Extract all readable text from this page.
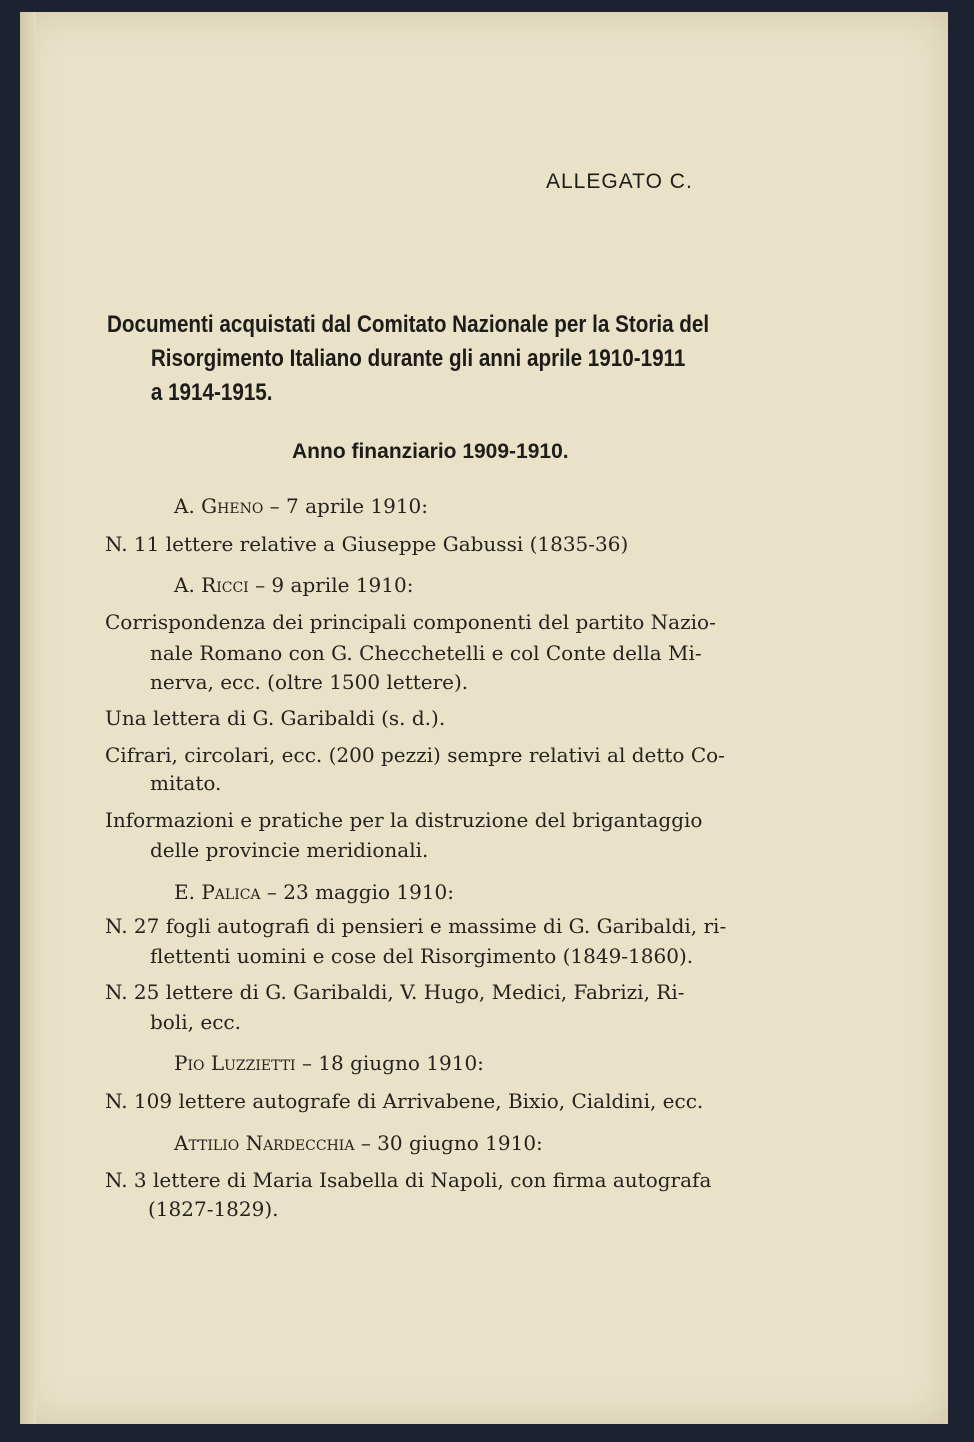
ALLEGATO C.
Documenti acquistati dal Comitato Nazionale per la Storia del
Risorgimento Italiano durante gli anni aprile 1910-1911
a 1914-1915.
Anno finanziario 1909-1910.
A. Gheno – 7 aprile 1910:
N. 11 lettere relative a Giuseppe Gabussi (1835-36)
A. Ricci – 9 aprile 1910:
Corrispondenza dei principali componenti del partito Nazio-
nale Romano con G. Checchetelli e col Conte della Mi-
nerva, ecc. (oltre 1500 lettere).
Una lettera di G. Garibaldi (s. d.).
Cifrari, circolari, ecc. (200 pezzi) sempre relativi al detto Co-
mitato.
Informazioni e pratiche per la distruzione del brigantaggio
delle provincie meridionali.
E. Palica – 23 maggio 1910:
N. 27 fogli autografi di pensieri e massime di G. Garibaldi, ri-
flettenti uomini e cose del Risorgimento (1849-1860).
N. 25 lettere di G. Garibaldi, V. Hugo, Medici, Fabrizi, Ri-
boli, ecc.
Pio Luzzietti – 18 giugno 1910:
N. 109 lettere autografe di Arrivabene, Bixio, Cialdini, ecc.
Attilio Nardecchia – 30 giugno 1910:
N. 3 lettere di Maria Isabella di Napoli, con firma autografa
(1827-1829).
